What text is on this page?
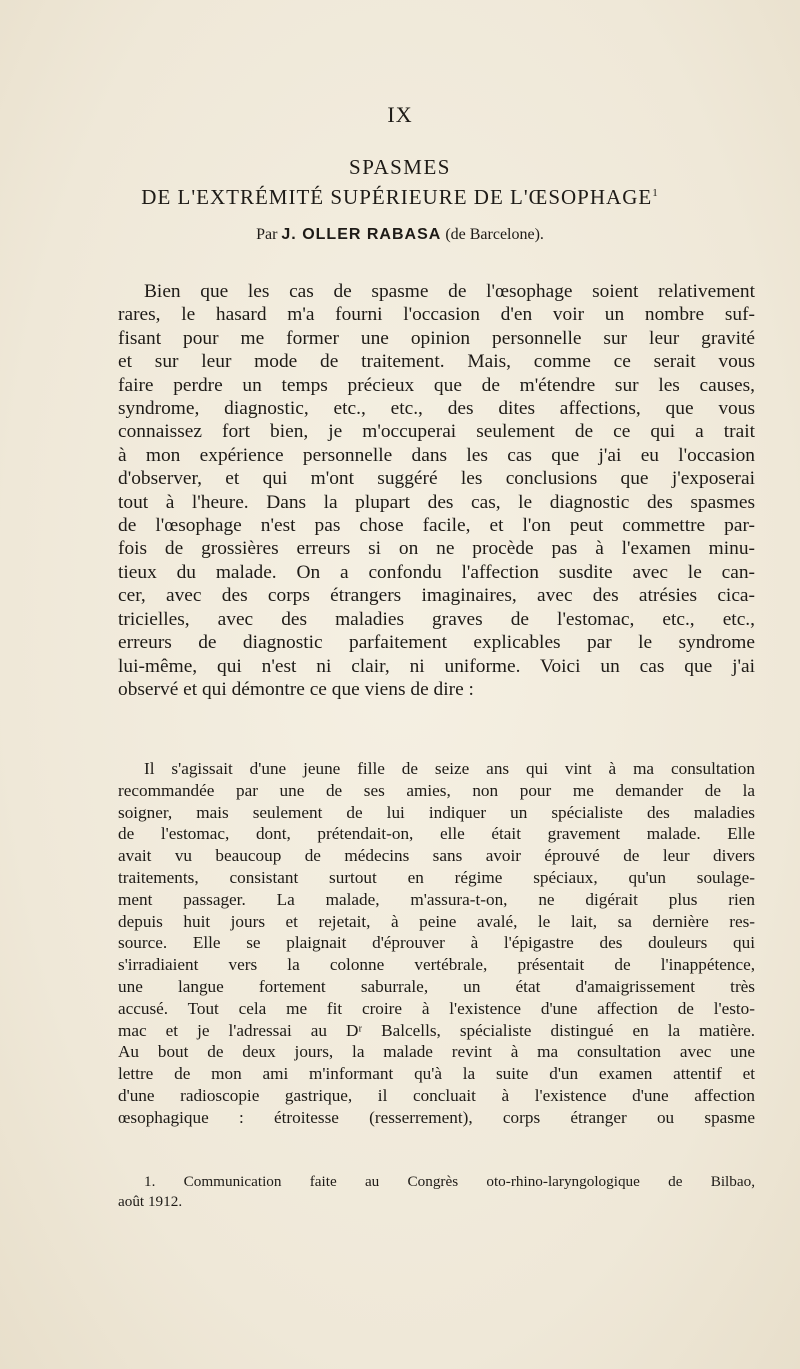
IX
SPASMES
DE L'EXTRÉMITÉ SUPÉRIEURE DE L'ŒSOPHAGE$^1$
Par J. OLLER RABASA (de Barcelone).
Bien que les cas de spasme de l'œsophage soient relativement
rares, le hasard m'a fourni l'occasion d'en voir un nombre suf-
fisant pour me former une opinion personnelle sur leur gravité
et sur leur mode de traitement. Mais, comme ce serait vous
faire perdre un temps précieux que de m'étendre sur les causes,
syndrome, diagnostic, etc., etc., des dites affections, que vous
connaissez fort bien, je m'occuperai seulement de ce qui a trait
à mon expérience personnelle dans les cas que j'ai eu l'occasion
d'observer, et qui m'ont suggéré les conclusions que j'exposerai
tout à l'heure. Dans la plupart des cas, le diagnostic des spasmes
de l'œsophage n'est pas chose facile, et l'on peut commettre par-
fois de grossières erreurs si on ne procède pas à l'examen minu-
tieux du malade. On a confondu l'affection susdite avec le can-
cer, avec des corps étrangers imaginaires, avec des atrésies cica-
tricielles, avec des maladies graves de l'estomac, etc., etc.,
erreurs de diagnostic parfaitement explicables par le syndrome
lui-même, qui n'est ni clair, ni uniforme. Voici un cas que j'ai
observé et qui démontre ce que viens de dire :
Il s'agissait d'une jeune fille de seize ans qui vint à ma consultation
recommandée par une de ses amies, non pour me demander de la
soigner, mais seulement de lui indiquer un spécialiste des maladies
de l'estomac, dont, prétendait-on, elle était gravement malade. Elle
avait vu beaucoup de médecins sans avoir éprouvé de leur divers
traitements, consistant surtout en régime spéciaux, qu'un soulage-
ment passager. La malade, m'assura-t-on, ne digérait plus rien
depuis huit jours et rejetait, à peine avalé, le lait, sa dernière res-
source. Elle se plaignait d'éprouver à l'épigastre des douleurs qui
s'irradiaient vers la colonne vertébrale, présentait de l'inappétence,
une langue fortement saburrale, un état d'amaigrissement très
accusé. Tout cela me fit croire à l'existence d'une affection de l'esto-
mac et je l'adressai au Dʳ Balcells, spécialiste distingué en la matière.
Au bout de deux jours, la malade revint à ma consultation avec une
lettre de mon ami m'informant qu'à la suite d'un examen attentif et
d'une radioscopie gastrique, il concluait à l'existence d'une affection
œsophagique : étroitesse (resserrement), corps étranger ou spasme
1. Communication faite au Congrès oto-rhino-laryngologique de Bilbao,
août 1912.
